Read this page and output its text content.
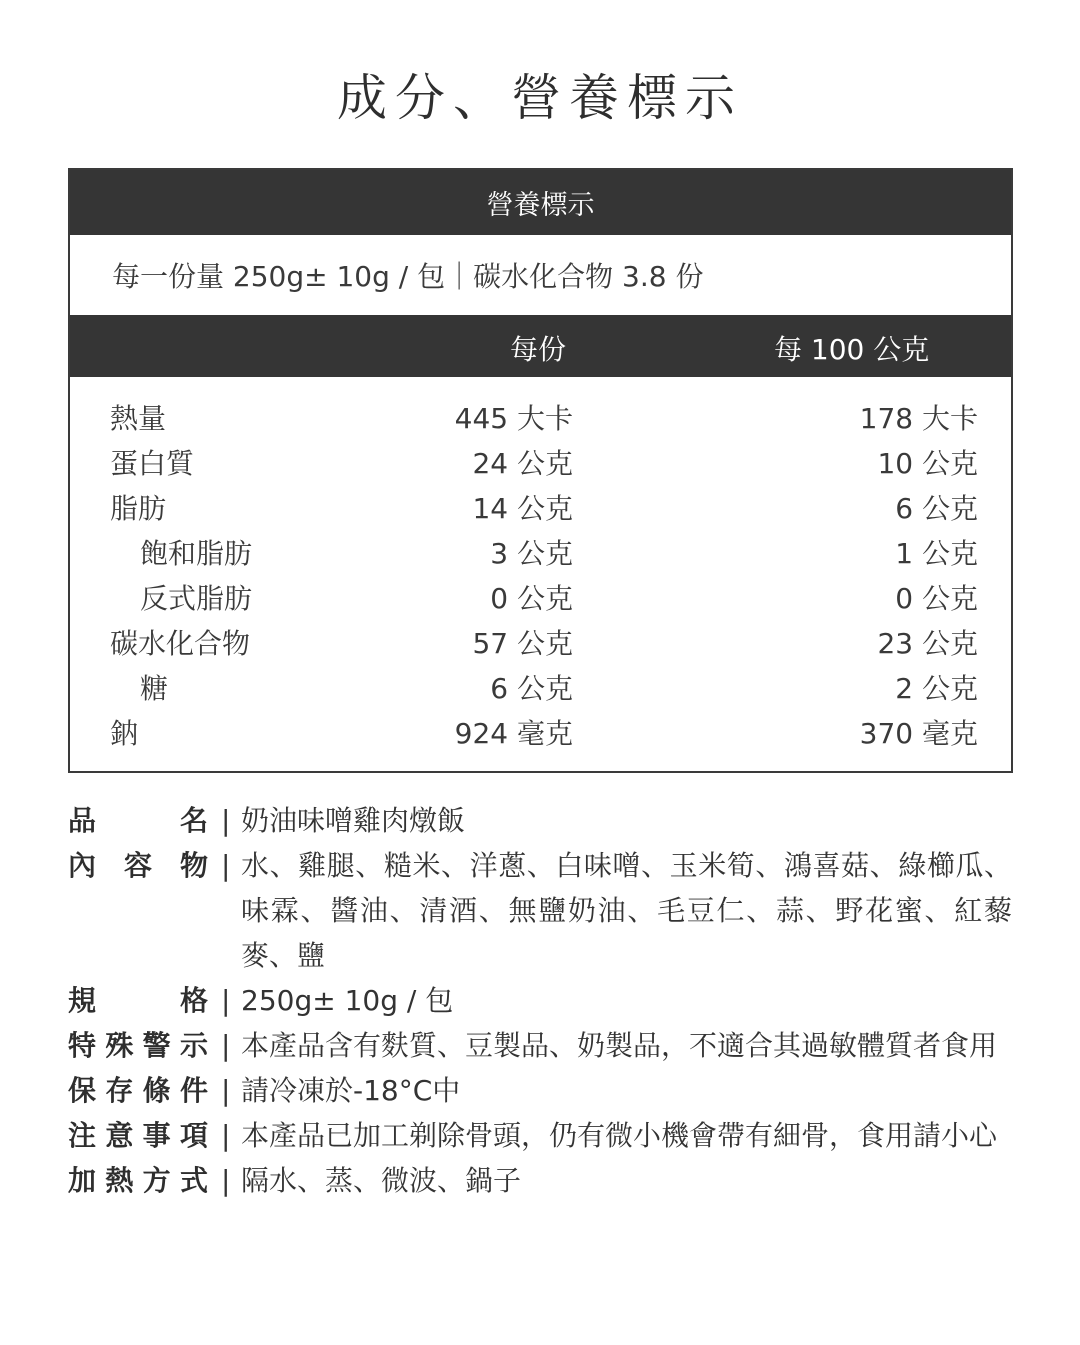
成分、營養標示
營養標示
每一份量 250g± 10g / 包｜碳水化合物 3.8 份
每份	每 100 公克
熱量	445 大卡	178 大卡
蛋白質	24 公克	10 公克
脂肪	14 公克	6 公克
飽和脂肪	3 公克	1 公克
反式脂肪	0 公克	0 公克
碳水化合物	57 公克	23 公克
糖	6 公克	2 公克
鈉	924 毫克	370 毫克
品	名 | 奶油味噌雞肉燉飯
內 容 物 | 水、雞腿、糙米、洋蔥、白味噌、玉米筍、鴻喜菇、綠櫛瓜、味霖、醬油、清酒、無鹽奶油、毛豆仁、蒜、野花蜜、紅藜麥、鹽
規	格 | 250g± 10g / 包
特 殊 警 示 | 本產品含有麩質、豆製品、奶製品，不適合其過敏體質者食用
保 存 條 件 | 請冷凍於-18°C中
注 意 事 項 | 本產品已加工剃除骨頭，仍有微小機會帶有細骨，食用請小心
加 熱 方 式 | 隔水、蒸、微波、鍋子
